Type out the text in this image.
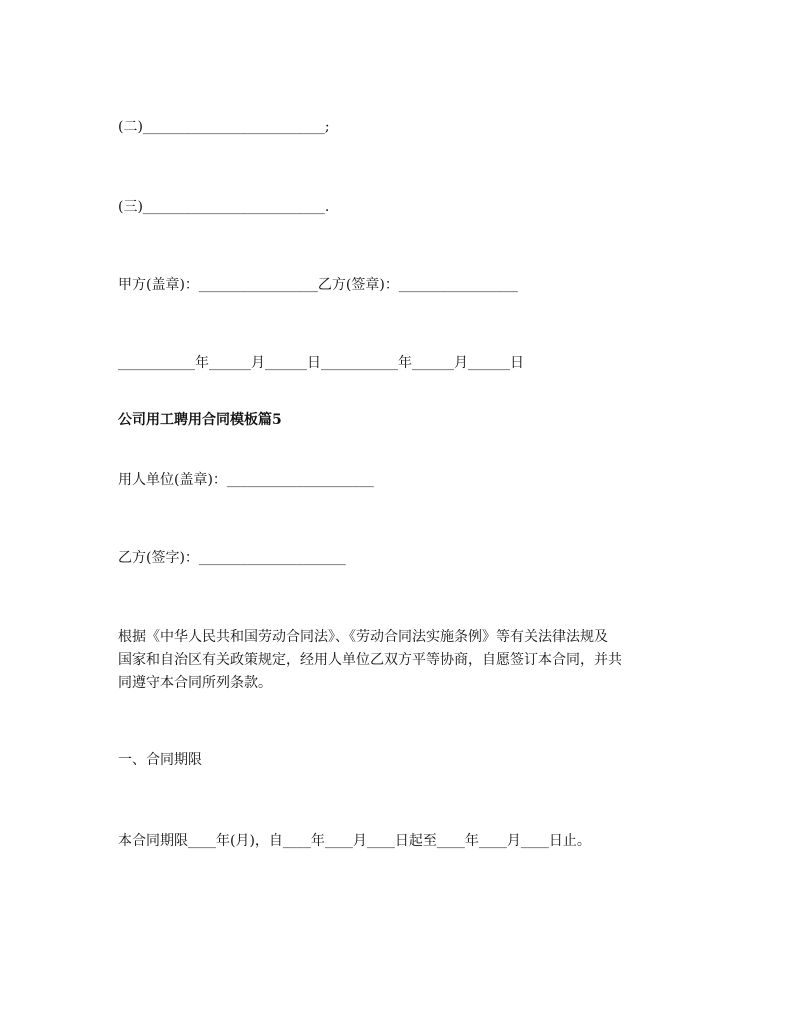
(二)__________________________;
(三)__________________________.
甲方(盖章)：_________________乙方(签章)：_________________
___________年______月______日___________年______月______日
公司用工聘用合同模板篇5
用人单位(盖章)：_____________________
乙方(签字)：_____________________
根据《中华人民共和国劳动合同法》、《劳动合同法实施条例》等有关法律法规及
国家和自治区有关政策规定，经用人单位乙双方平等协商，自愿签订本合同，并共
同遵守本合同所列条款。
一、合同期限
本合同期限____年(月)，自____年____月____日起至____年____月____日止。
